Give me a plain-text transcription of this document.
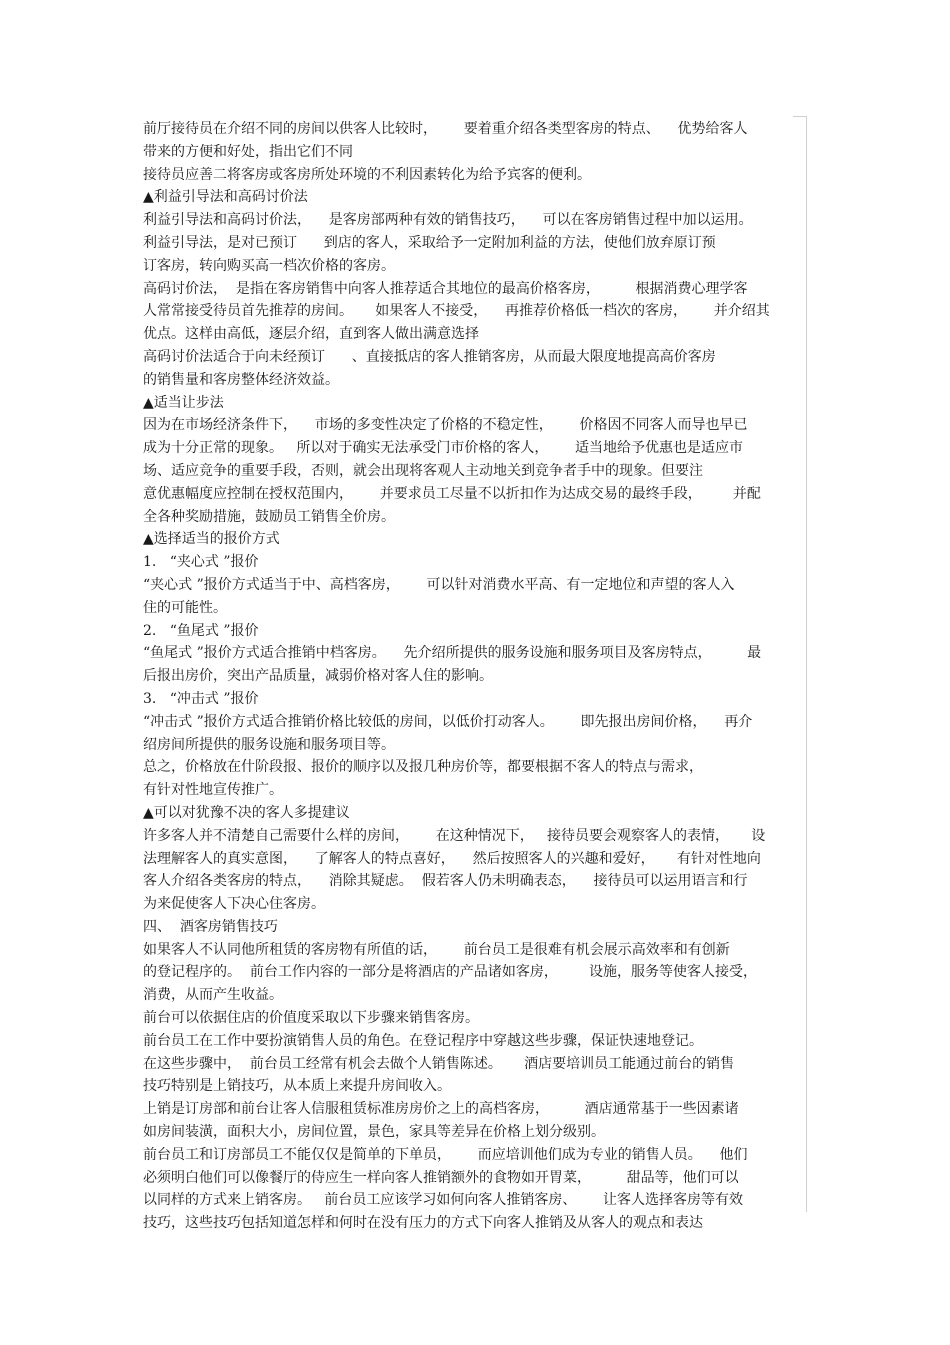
前厅接待员在介绍不同的房间以供客人比较时，      要着重介绍各类型客房的特点、    优势给客人
带来的方便和好处，指出它们不同
接待员应善二将客房或客房所处环境的不利因素转化为给予宾客的便利。
▲利益引导法和高码讨价法
利益引导法和高码讨价法，    是客房部两种有效的销售技巧，    可以在客房销售过程中加以运用。
利益引导法，是对已预订      到店的客人，采取给予一定附加利益的方法，使他们放弃原订预
订客房，转向购买高一档次价格的客房。
高码讨价法，  是指在客房销售中向客人推荐适合其地位的最高价格客房，        根据消费心理学客
人常常接受待员首先推荐的房间。     如果客人不接受，    再推荐价格低一档次的客房，      并介绍其
优点。这样由高低，逐层介绍，直到客人做出满意选择
高码讨价法适合于向未经预订      、直接抵店的客人推销客房，从而最大限度地提高高价客房
的销售量和客房整体经济效益。
▲适当让步法
因为在市场经济条件下，    市场的多变性决定了价格的不稳定性，      价格因不同客人而导也早已
成为十分正常的现象。   所以对于确实无法承受门市价格的客人，      适当地给予优惠也是适应市
场、适应竞争的重要手段，否则，就会出现将客观人主动地关到竞争者手中的现象。但要注
意优惠幅度应控制在授权范围内，      并要求员工尽量不以折扣作为达成交易的最终手段，       并配
全各种奖励措施，鼓励员工销售全价房。
▲选择适当的报价方式
1.   “夹心式 ”报价
“夹心式 ”报价方式适当于中、高档客房，      可以针对消费水平高、有一定地位和声望的客人入
住的可能性。
2.   “鱼尾式 ”报价
“鱼尾式 ”报价方式适合推销中档客房。    先介绍所提供的服务设施和服务项目及客房特点，        最
后报出房价，突出产品质量，减弱价格对客人住的影响。
3.   “冲击式 ”报价
“冲击式 ”报价方式适合推销价格比较低的房间，以低价打动客人。      即先报出房间价格，    再介
绍房间所提供的服务设施和服务项目等。
总之，价格放在什阶段报、报价的顺序以及报几种房价等，都要根据不客人的特点与需求，
有针对性地宣传推广。
▲可以对犹豫不决的客人多提建议
许多客人并不清楚自己需要什么样的房间，      在这种情况下，   接待员要会观察客人的表情，     设
法理解客人的真实意图，    了解客人的特点喜好，    然后按照客人的兴趣和爱好，     有针对性地向
客人介绍各类客房的特点，    消除其疑虑。  假若客人仍未明确表态，    接待员可以运用语言和行
为来促使客人下决心住客房。
四、  酒客房销售技巧
如果客人不认同他所租赁的客房物有所值的话，      前台员工是很难有机会展示高效率和有创新
的登记程序的。  前台工作内容的一部分是将酒店的产品诸如客房，       设施，服务等使客人接受，
消费，从而产生收益。
前台可以依据住店的价值度采取以下步骤来销售客房。
前台员工在工作中要扮演销售人员的角色。在登记程序中穿越这些步骤，保证快速地登记。
在这些步骤中，  前台员工经常有机会去做个人销售陈述。     酒店要培训员工能通过前台的销售
技巧特别是上销技巧，从本质上来提升房间收入。
上销是订房部和前台让客人信服租赁标准房房价之上的高档客房，        酒店通常基于一些因素诸
如房间装潢，面积大小，房间位置，景色，家具等差异在价格上划分级别。
前台员工和订房部员工不能仅仅是简单的下单员，      而应培训他们成为专业的销售人员。    他们
必须明白他们可以像餐厅的侍应生一样向客人推销额外的食物如开胃菜，        甜品等，他们可以
以同样的方式来上销客房。   前台员工应该学习如何向客人推销客房、      让客人选择客房等有效
技巧，这些技巧包括知道怎样和何时在没有压力的方式下向客人推销及从客人的观点和表达
